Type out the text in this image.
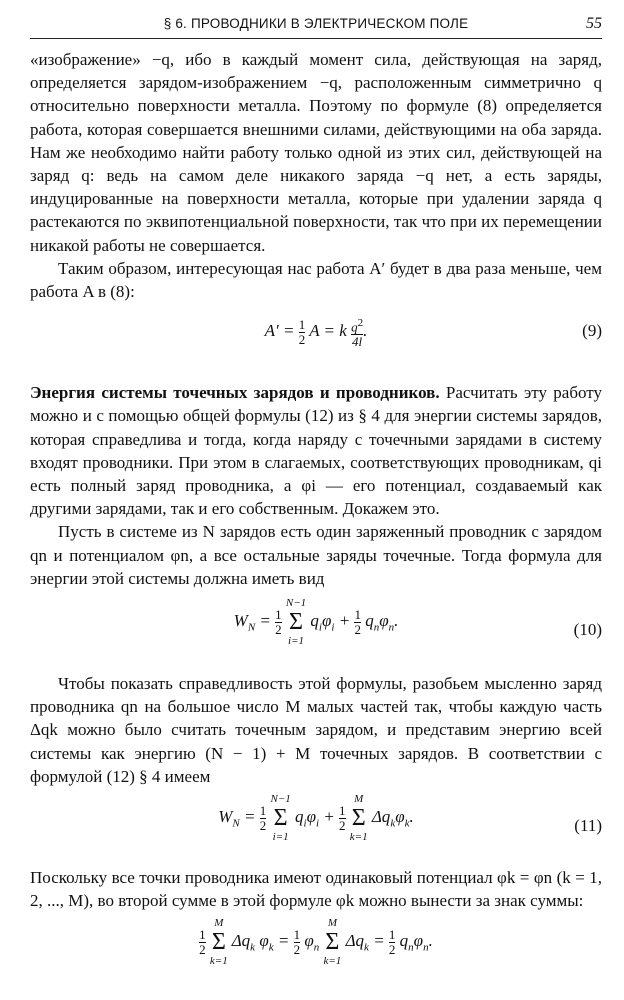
§ 6. ПРОВОДНИКИ В ЭЛЕКТРИЧЕСКОМ ПОЛЕ	55

«изображение» −q, ибо в каждый момент сила, действующая на заряд, определяется зарядом-изображением −q, расположенным симметрично q относительно поверхности металла. Поэтому по формуле (8) определяется работа, которая совершается внешними силами, действующими на оба заряда. Нам же необходимо найти работу только одной из этих сил, действующей на заряд q: ведь на самом деле никакого заряда −q нет, а есть заряды, индуцированные на поверхности металла, которые при удалении заряда q растекаются по эквипотенциальной поверхности, так что при их перемещении никакой работы не совершается.

Таким образом, интересующая нас работа A′ будет в два раза меньше, чем работа A в (8):

$A' = \frac{1}{2}$ A = k $\frac{q^2}{4l}$ .	(9)

Энергия системы точечных зарядов и проводников. Расчитать эту работу можно и с помощью общей формулы (12) из § 4 для энергии системы зарядов, которая справедлива и тогда, когда наряду с точечными зарядами в систему входят проводники. При этом в слагаемых, соответствующих проводникам, qi есть полный заряд проводника, а φi — его потенциал, создаваемый как другими зарядами, так и его собственным. Докажем это.

Пусть в системе из N зарядов есть один заряженный проводник с зарядом qn и потенциалом φn, а все остальные заряды точечные. Тогда формула для энергии этой системы должна иметь вид

$W_N = \frac{1}{2}$

N−1
Σ
i=1
$q_i\varphi_i + \frac{1}{2} q_n\varphi_n$.	(10)

Чтобы показать справедливость этой формулы, разобьем мысленно заряд проводника qn на большое число M малых частей так, чтобы каждую часть Δqk можно было считать точечным зарядом, и представим энергию всей системы как энергию (N − 1) + M точечных зарядов. В соответствии с формулой (12) § 4 имеем

$W_N = \frac{1}{2}$

N−1
Σ
i=1
$q_i\varphi_i + \frac{1}{2}$

M
Σ
k=1
$\Delta q_k\varphi_k$.	(11)

Поскольку все точки проводника имеют одинаковый потенциал φk = φn (k = 1, 2, ..., M), во второй сумме в этой формуле φk можно вынести за знак суммы:

$\frac{1}{2}$

M
Σ
k=1
$\Delta q_k$ $\varphi_k = \frac{1}{2} \varphi_n$
M
Σ
k=1
$\Delta q_k = \frac{1}{2} q_n\varphi_n$.
